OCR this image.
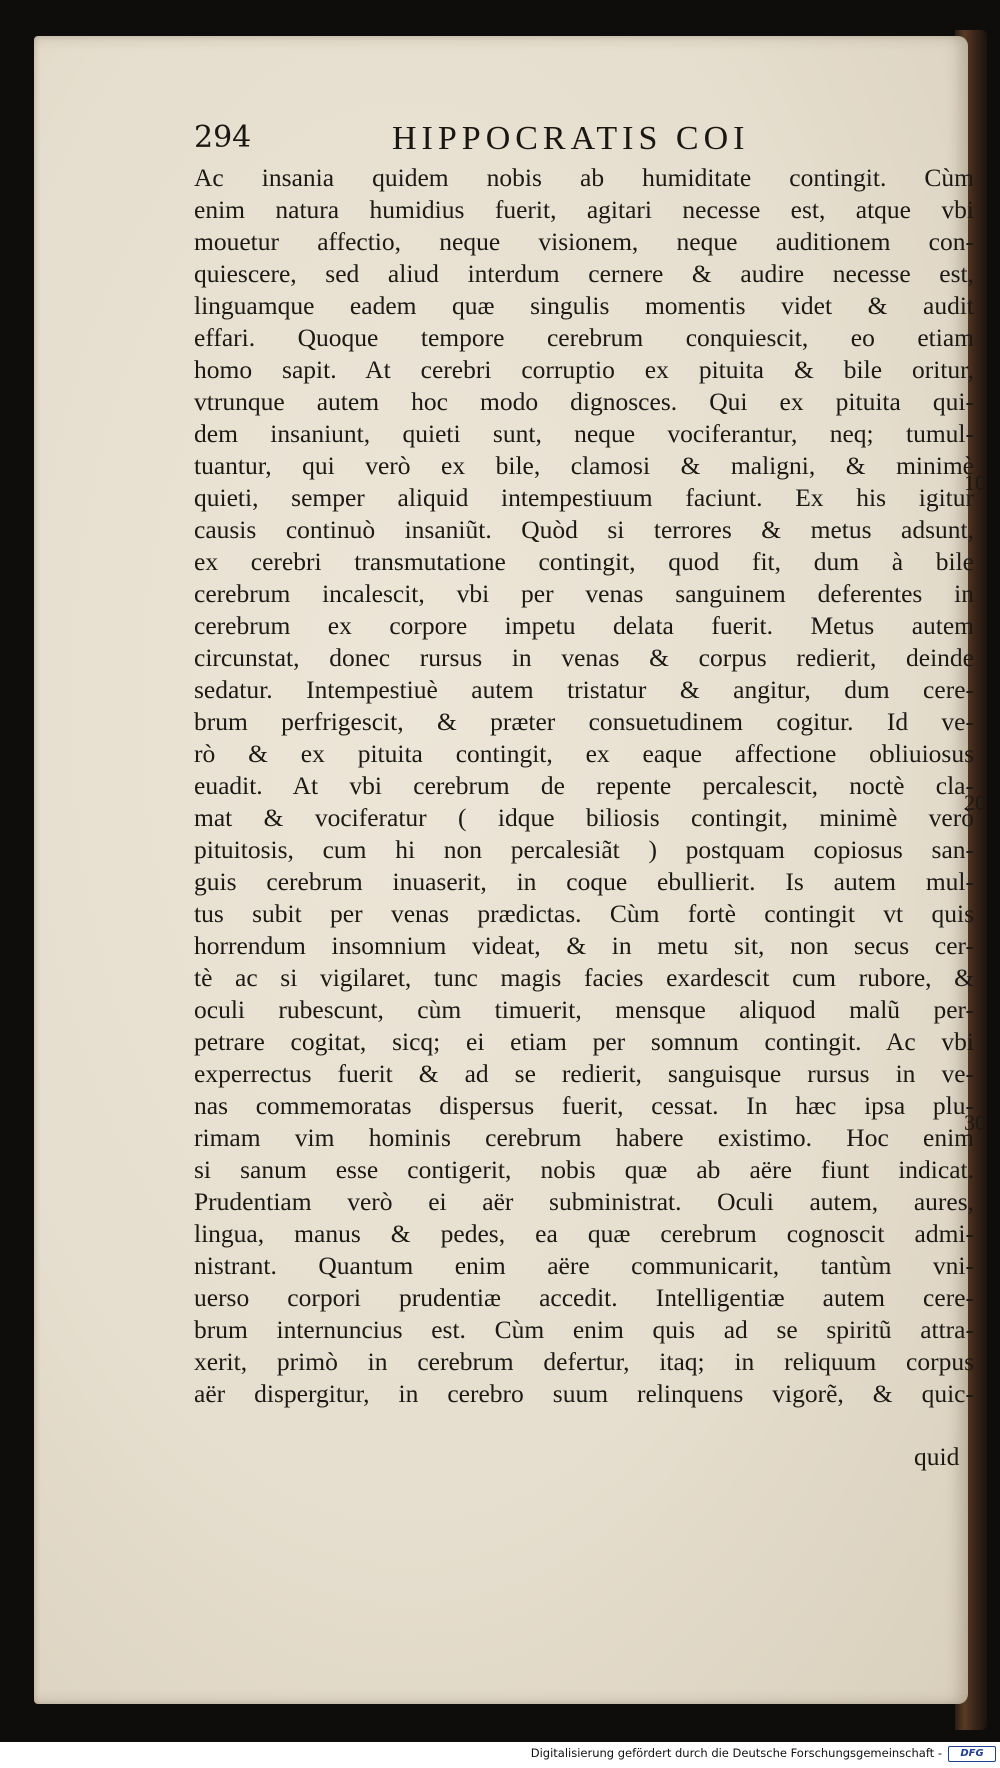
294	HIPPOCRATIS COI
Ac insania quidem nobis ab humiditate contingit. Cùm
enim natura humidius fuerit, agitari necesse est, atque vbi
mouetur affectio, neque visionem, neque auditionem con-
quiescere, sed aliud interdum cernere & audire necesse est,
linguamque eadem quæ singulis momentis videt & audit
effari. Quoque tempore cerebrum conquiescit, eo etiam
homo sapit. At cerebri corruptio ex pituita & bile oritur,
vtrunque autem hoc modo dignosces. Qui ex pituita qui-
dem insaniunt, quieti sunt, neque vociferantur, neq; tumul-
tuantur, qui verò ex bile, clamosi & maligni, & minimè
quieti, semper aliquid intempestiuum faciunt. Ex his igitur
causis continuò insaniũt. Quòd si terrores & metus adsunt,
ex cerebri transmutatione contingit, quod fit, dum à bile
cerebrum incalescit, vbi per venas sanguinem deferentes in
cerebrum ex corpore impetu delata fuerit. Metus autem
circunstat, donec rursus in venas & corpus redierit, deinde
sedatur. Intempestiuè autem tristatur & angitur, dum cere-
brum perfrigescit, & præter consuetudinem cogitur. Id ve-
rò & ex pituita contingit, ex eaque affectione obliuiosus
euadit. At vbi cerebrum de repente percalescit, noctè cla-
mat & vociferatur ( idque biliosis contingit, minimè verò
pituitosis, cum hi non percalesiãt ) postquam copiosus san-
guis cerebrum inuaserit, in coque ebullierit. Is autem mul-
tus subit per venas prædictas. Cùm fortè contingit vt quis
horrendum insomnium videat, & in metu sit, non secus cer-
tè ac si vigilaret, tunc magis facies exardescit cum rubore, &
oculi rubescunt, cùm timuerit, mensque aliquod malũ per-
petrare cogitat, sicq; ei etiam per somnum contingit. Ac vbi
experrectus fuerit & ad se redierit, sanguisque rursus in ve-
nas commemoratas dispersus fuerit, cessat. In hæc ipsa plu-
rimam vim hominis cerebrum habere existimo. Hoc enim
si sanum esse contigerit, nobis quæ ab aëre fiunt indicat.
Prudentiam verò ei aër subministrat. Oculi autem, aures,
lingua, manus & pedes, ea quæ cerebrum cognoscit admi-
nistrant. Quantum enim aëre communicarit, tantùm vni-
uerso corpori prudentiæ accedit. Intelligentiæ autem cere-
brum internuncius est. Cùm enim quis ad se spiritũ attra-
xerit, primò in cerebrum defertur, itaq; in reliquum corpus
aër dispergitur, in cerebro suum relinquens vigorẽ, & quic-
quid
10
20
30
Digitalisierung gefördert durch die Deutsche Forschungsgemeinschaft -	DFG
